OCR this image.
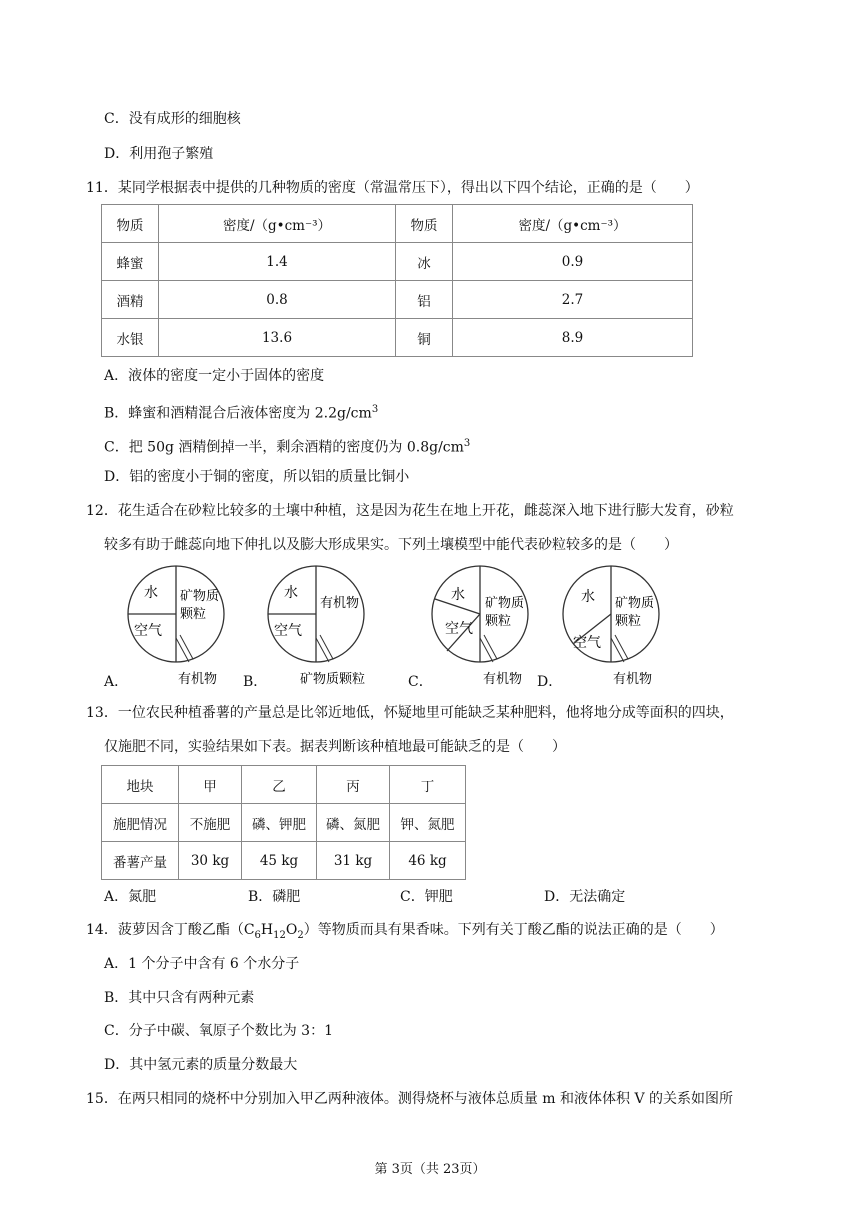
C．没有成形的细胞核
D．利用孢子繁殖
11．某同学根据表中提供的几种物质的密度（常温常压下），得出以下四个结论，正确的是（　　）
物质	密度/（g•cm⁻³）	物质	密度/（g•cm⁻³）
蜂蜜	1.4	冰	0.9
酒精	0.8	铝	2.7
水银	13.6	铜	8.9
A．液体的密度一定小于固体的密度
B．蜂蜜和酒精混合后液体密度为 $2.2g/cm^3$
C．把 50g 酒精倒掉一半，剩余酒精的密度仍为 $0.8g/cm^3$
D．铝的密度小于铜的密度，所以铝的质量比铜小
12．花生适合在砂粒比较多的土壤中种植，这是因为花生在地上开花，雌蕊深入地下进行膨大发育，砂粒
较多有助于雌蕊向地下伸扎以及膨大形成果实。下列土壤模型中能代表砂粒较多的是（　　）
A．
水 矿物质
颗粒
空气
有机物 B．
水
有机物
空气
矿物质颗粒	C．
水
矿物质
颗粒
空气
有机物 D．
水 矿物质
颗粒
空气
有机物
13．一位农民种植番薯的产量总是比邻近地低，怀疑地里可能缺乏某种肥料，他将地分成等面积的四块，
仅施肥不同，实验结果如下表。据表判断该种植地最可能缺乏的是（　　）
地块	甲	乙	丙	丁
施肥情况	不施肥	磷、钾肥	磷、氮肥	钾、氮肥
番薯产量	30 kg	45 kg	31 kg	46 kg
A．氮肥	B．磷肥	C．钾肥	D．无法确定
14．菠萝因含丁酸乙酯$(C_6H_{12}O_2)$等物质而具有果香味。下列有关丁酸乙酯的说法正确的是（　　）
A．1 个分子中含有 6 个水分子
B．其中只含有两种元素
C．分子中碳、氧原子个数比为 3：1
D．其中氢元素的质量分数最大
15．在两只相同的烧杯中分别加入甲乙两种液体。测得烧杯与液体总质量 m 和液体体积 V 的关系如图所
第 3页（共 23页）
